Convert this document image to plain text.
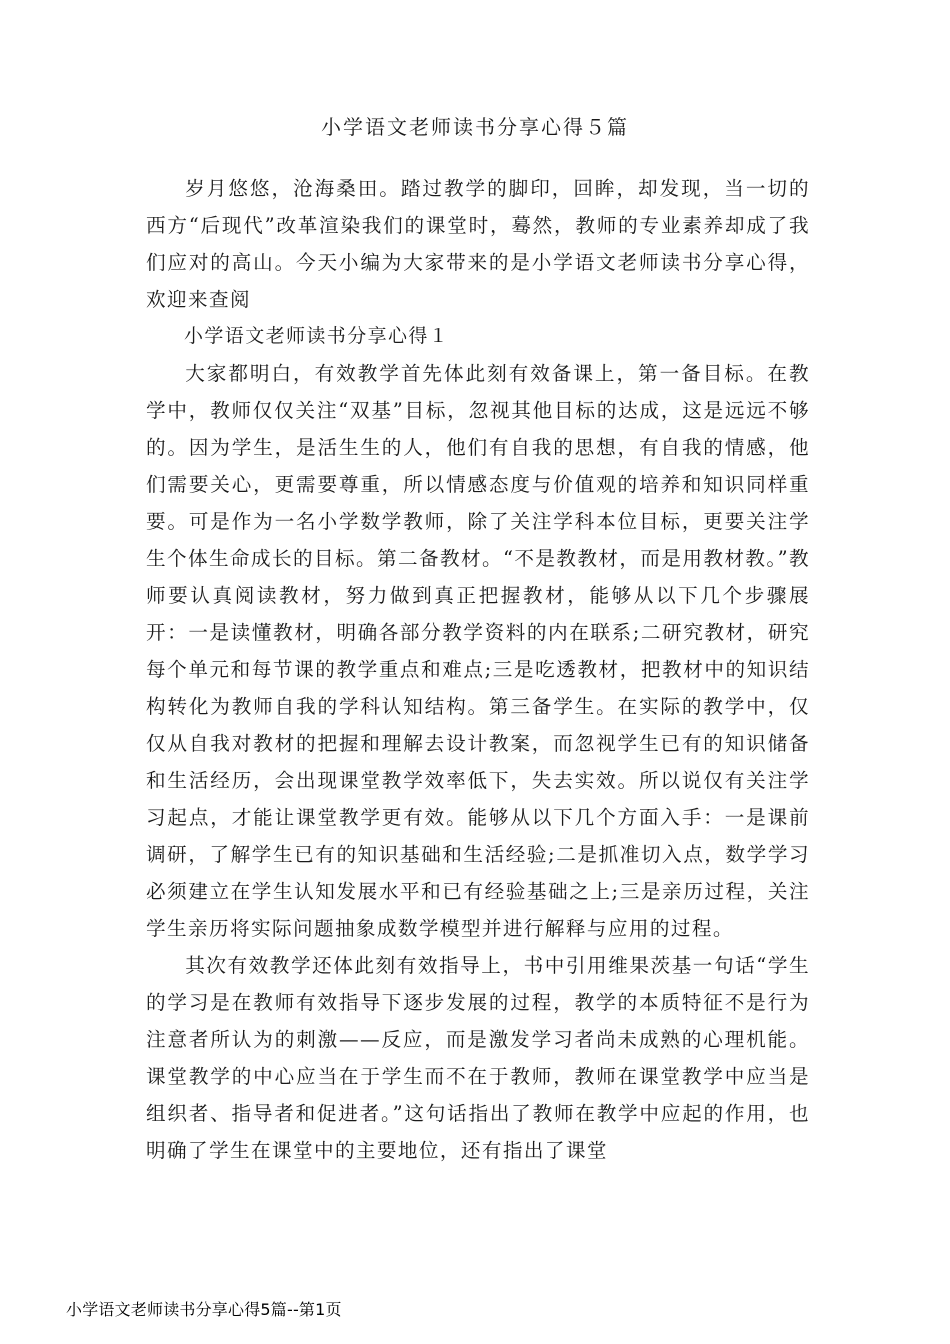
小学语文老师读书分享心得５篇

岁月悠悠，沧海桑田。踏过教学的脚印，回眸，却发现，当一切的西方“后现代”改革渲染我们的课堂时，蓦然，教师的专业素养却成了我们应对的高山。今天小编为大家带来的是小学语文老师读书分享心得，欢迎来查阅

小学语文老师读书分享心得１

大家都明白，有效教学首先体此刻有效备课上，第一备目标。在教学中，教师仅仅关注“双基”目标，忽视其他目标的达成，这是远远不够的。因为学生，是活生生的人，他们有自我的思想，有自我的情感，他们需要关心，更需要尊重，所以情感态度与价值观的培养和知识同样重要。可是作为一名小学数学教师，除了关注学科本位目标，更要关注学生个体生命成长的目标。第二备教材。“不是教教材，而是用教材教。”教师要认真阅读教材，努力做到真正把握教材，能够从以下几个步骤展开：一是读懂教材，明确各部分教学资料的内在联系;二研究教材，研究每个单元和每节课的教学重点和难点;三是吃透教材，把教材中的知识结构转化为教师自我的学科认知结构。第三备学生。在实际的教学中，仅仅从自我对教材的把握和理解去设计教案，而忽视学生已有的知识储备和生活经历，会出现课堂教学效率低下，失去实效。所以说仅有关注学习起点，才能让课堂教学更有效。能够从以下几个方面入手：一是课前调研，了解学生已有的知识基础和生活经验;二是抓准切入点，数学学习必须建立在学生认知发展水平和已有经验基础之上;三是亲历过程，关注学生亲历将实际问题抽象成数学模型并进行解释与应用的过程。

其次有效教学还体此刻有效指导上，书中引用维果茨基一句话“学生的学习是在教师有效指导下逐步发展的过程，教学的本质特征不是行为注意者所认为的刺激——反应，而是激发学习者尚未成熟的心理机能。课堂教学的中心应当在于学生而不在于教师，教师在课堂教学中应当是组织者、指导者和促进者。”这句话指出了教师在教学中应起的作用，也明确了学生在课堂中的主要地位，还有指出了课堂

小学语文老师读书分享心得5篇--第1页
